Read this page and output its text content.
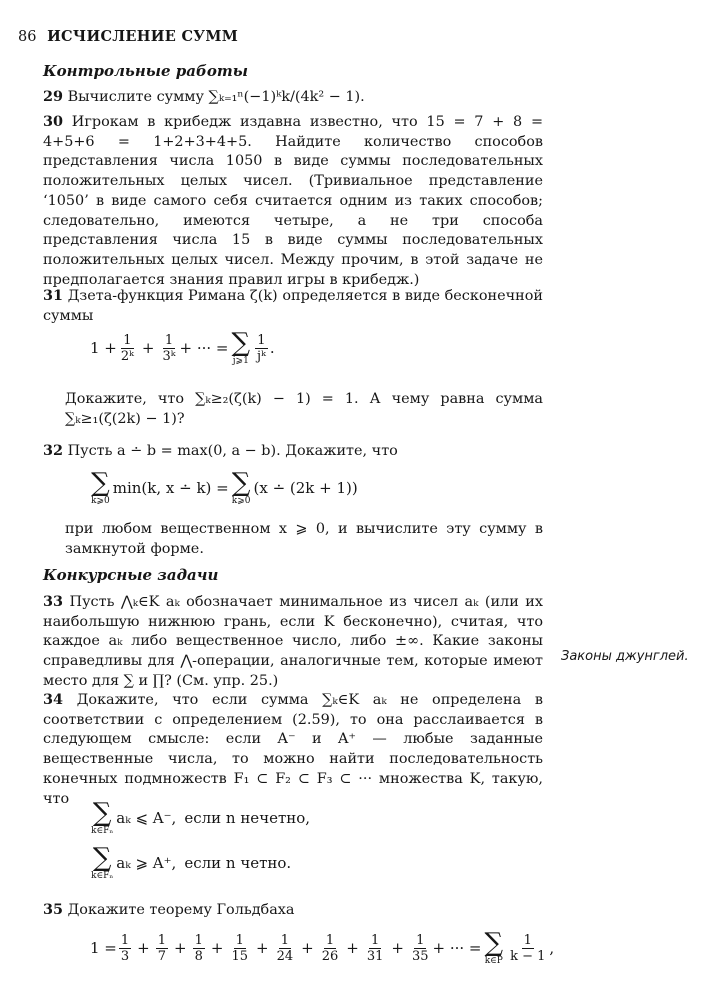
86 ИСЧИСЛЕНИЕ СУММ
Контрольные работы
29 Вычислите сумму ∑ₖ₌₁ⁿ(−1)ᵏk/(4k² − 1).
30 Игрокам в крибедж издавна известно, что 15 = 7 + 8 = 4+5+6 = 1+2+3+4+5. Найдите количество способов представления числа 1050 в виде суммы последовательных положительных целых чисел. (Тривиальное представление ‘1050’ в виде самого себя считается одним из таких способов; следовательно, имеются четыре, а не три способа представления числа 15 в виде суммы последовательных положительных целых чисел. Между прочим, в этой задаче не предполагается знания правил игры в крибедж.)
31 Дзета-функция Римана ζ(k) определяется в виде бесконечной суммы
$1 + \frac{1}{\text{2ᵏ}} + \frac{1}{\text{3ᵏ}}$ + ··· = ∑
j⩾1 $\frac{1}{\text{jᵏ}}$ .
Докажите, что ∑ₖ≥₂(ζ(k) − 1) = 1. А чему равна сумма ∑ₖ≥₁(ζ(2k) − 1)?
32 Пусть a ∸ b = max(0, a − b). Докажите, что
∑
k⩾0
min(k, x ∸ k) = ∑
k⩾0
(x ∸ (2k + 1))
при любом вещественном x ⩾ 0, и вычислите эту сумму в замкнутой форме.
Конкурсные задачи
33 Пусть ⋀ₖ∈K aₖ обозначает минимальное из чисел aₖ (или их наибольшую нижнюю грань, если K бесконечно), считая, что каждое aₖ либо вещественное число, либо ±∞. Какие законы справедливы для ⋀-операции, аналогичные тем, которые имеют место для ∑ и ∏? (См. упр. 25.)
Законы джунглей.
34 Докажите, что если сумма ∑ₖ∈K aₖ не определена в соответствии с определением (2.59), то она расслаивается в следующем смысле: если A⁻ и A⁺ — любые заданные вещественные числа, то можно найти последовательность конечных подмножеств F₁ ⊂ F₂ ⊂ F₃ ⊂ ··· множества K, такую, что ∑
k∈Fₙ
aₖ ⩽ A⁻, если n нечетно,
∑
k∈Fₙ
aₖ ⩾ A⁺, если n четно.
35 Докажите теорему Гольдбаха
$1 = \frac{1}{3} + \frac{1}{7} + \frac{1}{8} + \frac{1}{15} + \frac{1}{24} + \frac{1}{26} + \frac{1}{31} + \frac{1}{35}$ + ··· = ∑
k∈P $\frac{1}{k - 1}$ ,
